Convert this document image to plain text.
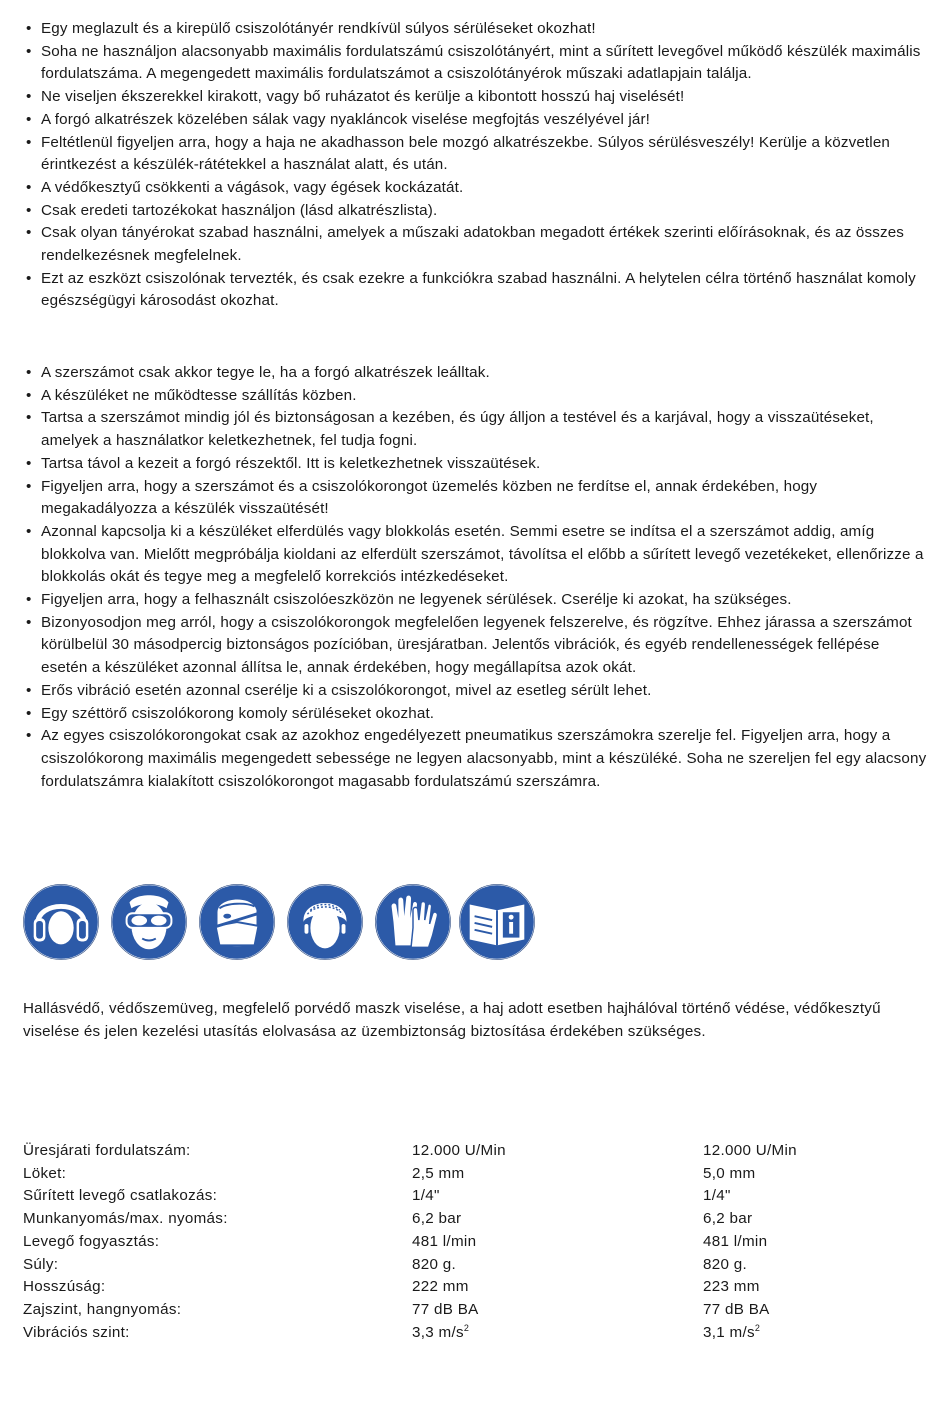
• Egy meglazult és a kirepülő csiszolótányér rendkívül súlyos sérüléseket okozhat!
• Soha ne használjon alacsonyabb maximális fordulatszámú csiszolótányért, mint a sűrített levegővel működő készülék maximális fordulatszáma. A megengedett maximális fordulatszámot a csiszolótányérok műszaki adatlapjain találja.
• Ne viseljen ékszerekkel kirakott, vagy bő ruházatot és kerülje a kibontott hosszú haj viselését!
• A forgó alkatrészek közelében sálak vagy nyakláncok viselése megfojtás veszélyével jár!
• Feltétlenül figyeljen arra, hogy a haja ne akadhasson bele mozgó alkatrészekbe. Súlyos sérülésveszély! Kerülje a közvetlen érintkezést a készülék-rátétekkel a használat alatt, és után.
• A védőkesztyű csökkenti a vágások, vagy égések kockázatát.
• Csak eredeti tartozékokat használjon (lásd alkatrészlista).
• Csak olyan tányérokat szabad használni, amelyek a műszaki adatokban megadott értékek szerinti előírásoknak, és az összes rendelkezésnek megfelelnek.
• Ezt az eszközt csiszolónak tervezték, és csak ezekre a funkciókra szabad használni. A helytelen célra történő használat komoly egészségügyi károsodást okozhat.
• A szerszámot csak akkor tegye le, ha a forgó alkatrészek leálltak.
• A készüléket ne működtesse szállítás közben.
• Tartsa a szerszámot mindig jól és biztonságosan a kezében, és úgy álljon a testével és a karjával, hogy a visszaütéseket, amelyek a használatkor keletkezhetnek, fel tudja fogni.
• Tartsa távol a kezeit a forgó részektől. Itt is keletkezhetnek visszaütések.
• Figyeljen arra, hogy a szerszámot és a csiszolókorongot üzemelés közben ne ferdítse el, annak érdekében, hogy megakadályozza a készülék visszaütését!
• Azonnal kapcsolja ki a készüléket elferdülés vagy blokkolás esetén. Semmi esetre se indítsa el a szerszámot addig, amíg blokkolva van. Mielőtt megpróbálja kioldani az elferdült szerszámot, távolítsa el előbb a sűrített levegő vezetékeket, ellenőrizze a blokkolás okát és tegye meg a megfelelő korrekciós intézkedéseket.
• Figyeljen arra, hogy a felhasznált csiszolóeszközön ne legyenek sérülések. Cserélje ki azokat, ha szükséges.
• Bizonyosodjon meg arról, hogy a csiszolókorongok megfelelően legyenek felszerelve, és rögzítve. Ehhez járassa a szerszámot körülbelül 30 másodpercig biztonságos pozícióban, üresjáratban. Jelentős vibrációk, és egyéb rendellenességek fellépése esetén a készüléket azonnal állítsa le, annak érdekében, hogy megállapítsa azok okát.
• Erős vibráció esetén azonnal cserélje ki a csiszolókorongot, mivel az esetleg sérült lehet.
• Egy széttörő csiszolókorong komoly sérüléseket okozhat.
• Az egyes csiszolókorongokat csak az azokhoz engedélyezett pneumatikus szerszámokra szerelje fel. Figyeljen arra, hogy a csiszolókorong maximális megengedett sebessége ne legyen alacsonyabb, mint a készüléké. Soha ne szereljen fel egy alacsony fordulatszámra kialakított csiszolókorongot magasabb fordulatszámú szerszámra.

Hallásvédő, védőszemüveg, megfelelő porvédő maszk viselése, a haj adott esetben hajhálóval történő védése, védőkesztyű viselése és jelen kezelési utasítás elolvasása az üzembiztonság biztosítása érdekében szükséges.

Üresjárati fordulatszám:	12.000 U/Min	12.000 U/Min
Löket:	2,5 mm	5,0 mm
Sűrített levegő csatlakozás:	1/4"	1/4"
Munkanyomás/max. nyomás:	6,2 bar	6,2 bar
Levegő fogyasztás:	481 l/min	481 l/min
Súly:	820 g.	820 g.
Hosszúság:	222 mm	223 mm
Zajszint, hangnyomás:	77 dB BA	77 dB BA
Vibrációs szint:	3,3 $m/s^2$	3,1 $m/s^2$
